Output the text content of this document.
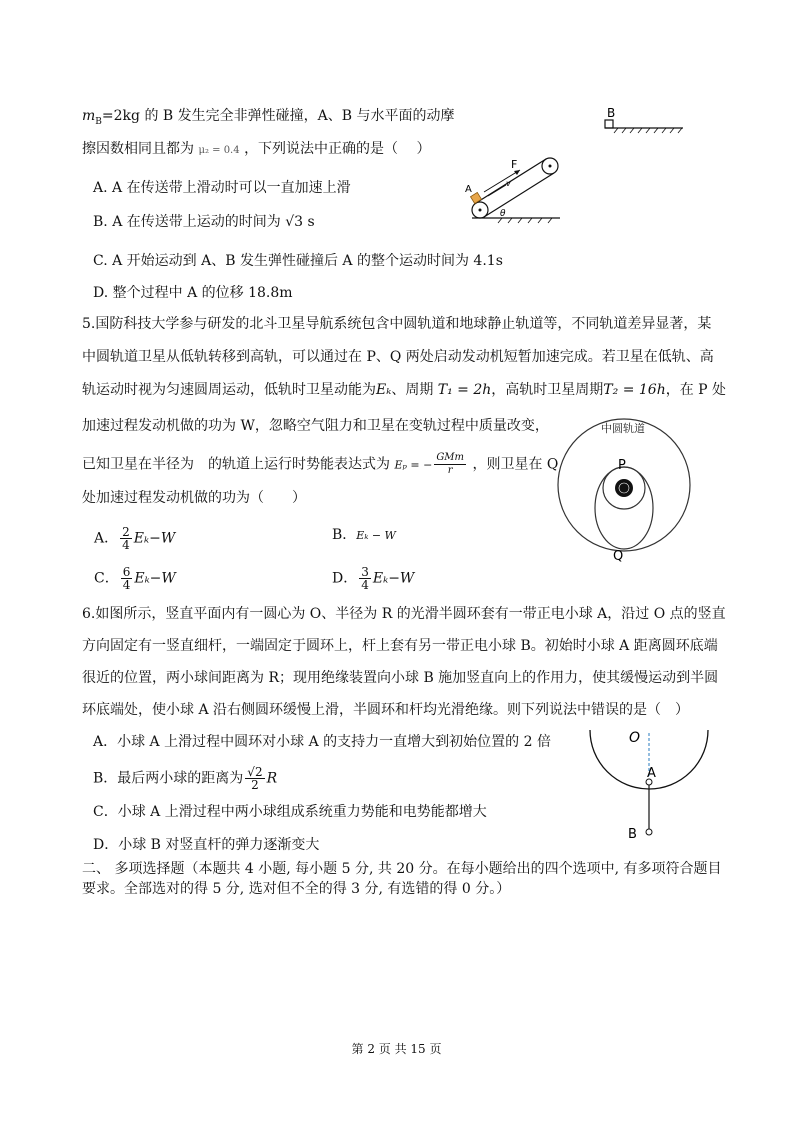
$m_B=2kg$ 的 B 发生完全非弹性碰撞，A、B 与水平面的动摩
擦因数相同且都为 μ₂ = 0.4 ，下列说法中正确的是（　 ）
A. A 在传送带上滑动时可以一直加速上滑
B. A 在传送带上运动的时间为 √3 s
C. A 开始运动到 A、B 发生弹性碰撞后 A 的整个运动时间为 4.1s
D. 整个过程中 A 的位移 18.8m
B
F
A
v
θ
5.国防科技大学参与研发的北斗卫星导航系统包含中圆轨道和地球静止轨道等，不同轨道差异显著，某
中圆轨道卫星从低轨转移到高轨，可以通过在 P、Q 两处启动发动机短暂加速完成。若卫星在低轨、高
轨运动时视为匀速圆周运动，低轨时卫星动能为Eₖ、周期 T₁ = 2h，高轨时卫星周期T₂ = 16h，在 P 处
加速过程发动机做的功为 W，忽略空气阻力和卫星在变轨过程中质量改变，
已知卫星在半径为　的轨道上运行时势能表达式为 Eₚ = − $\frac{\text{GMm}}{r}$ ，则卫星在 Q
处加速过程发动机做的功为（　　）
A． $\frac{2}{4} E_k-W$	B．Eₖ − W
C． $\frac{6}{4} E_k-W$	D． $\frac{3}{4} E_k-W$
中圆轨道
P
Q
6.如图所示，竖直平面内有一圆心为 O、半径为 R 的光滑半圆环套有一带正电小球 A，沿过 O 点的竖直
方向固定有一竖直细杆，一端固定于圆环上，杆上套有另一带正电小球 B。初始时小球 A 距离圆环底端
很近的位置，两小球间距离为 R；现用绝缘装置向小球 B 施加竖直向上的作用力，使其缓慢运动到半圆
环底端处，使小球 A 沿右侧圆环缓慢上滑，半圆环和杆均光滑绝缘。则下列说法中错误的是（　）
A．小球 A 上滑过程中圆环对小球 A 的支持力一直增大到初始位置的 2 倍
B．最后两小球的距离为 $\frac{√2}{2}$ R
C．小球 A 上滑过程中两小球组成系统重力势能和电势能都增大
D．小球 B 对竖直杆的弹力逐渐变大
O
A
B
二、 多项选择题（本题共 4 小题, 每小题 5 分, 共 20 分。在每小题给出的四个选项中, 有多项符合题目
要求。全部选对的得 5 分, 选对但不全的得 3 分, 有选错的得 0 分。）
第 2 页 共 15 页
